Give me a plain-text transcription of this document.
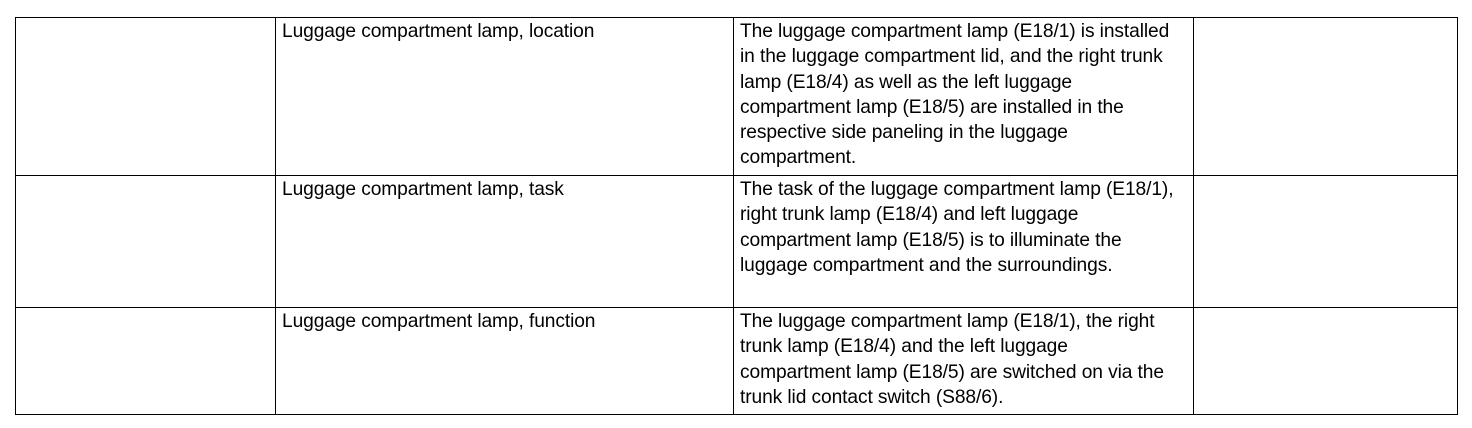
	Luggage compartment lamp, location	The luggage compartment lamp (E18/1) is installed in the luggage compartment lid, and the right trunk lamp (E18/4) as well as the left luggage compartment lamp (E18/5) are installed in the respective side paneling in the luggage compartment.	

	Luggage compartment lamp, task	The task of the luggage compartment lamp (E18/1), right trunk lamp (E18/4) and left luggage compartment lamp (E18/5) is to illuminate the luggage compartment and the surroundings.	

	Luggage compartment lamp, function	The luggage compartment lamp (E18/1), the right trunk lamp (E18/4) and the left luggage compartment lamp (E18/5) are switched on via the trunk lid contact switch (S88/6).	
